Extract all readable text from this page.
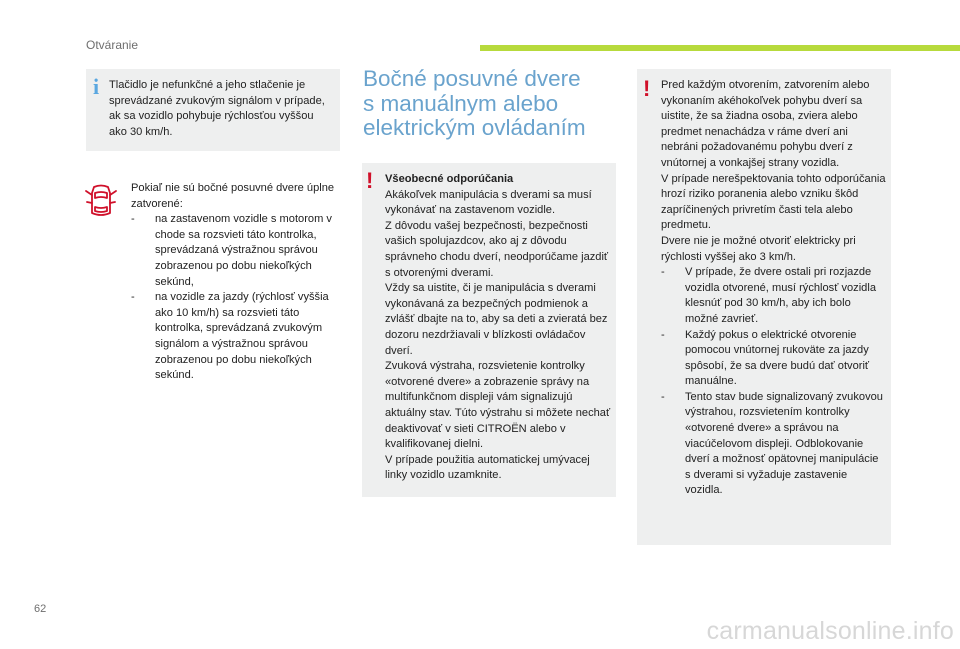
Otváranie
i Tlačidlo je nefunkčné a jeho stlačenie je sprevádzané zvukovým signálom v prípade, ak sa vozidlo pohybuje rýchlosťou vyššou ako 30 km/h.

Pokiaľ nie sú bočné posuvné dvere úplne zatvorené:

- na zastavenom vozidle s motorom v chode sa rozsvieti táto kontrolka, sprevádzaná výstražnou správou zobrazenou po dobu niekoľkých sekúnd,

- na vozidle za jazdy (rýchlosť vyššia ako 10 km/h) sa rozsvieti táto kontrolka, sprevádzaná zvukovým signálom a výstražnou správou zobrazenou po dobu niekoľkých sekúnd.

Bočné posuvné dvere
s manuálnym alebo
elektrickým ovládaním
! Všeobecné odporúčania

Akákoľvek manipulácia s dverami sa musí vykonávať na zastavenom vozidle.

Z dôvodu vašej bezpečnosti, bezpečnosti vašich spolujazdcov, ako aj z dôvodu správneho chodu dverí, neodporúčame jazdiť s otvorenými dverami.

Vždy sa uistite, či je manipulácia s dverami vykonávaná za bezpečných podmienok a zvlášť dbajte na to, aby sa deti a zvieratá bez dozoru nezdržiavali v blízkosti ovládačov dverí.

Zvuková výstraha, rozsvietenie kontrolky «otvorené dvere» a zobrazenie správy na multifunkčnom displeji vám signalizujú aktuálny stav. Túto výstrahu si môžete nechať deaktivovať v sieti CITROËN alebo v kvalifikovanej dielni.

V prípade použitia automatickej umývacej linky vozidlo uzamknite.

! Pred každým otvorením, zatvorením alebo vykonaním akéhokoľvek pohybu dverí sa uistite, že sa žiadna osoba, zviera alebo predmet nenachádza v ráme dverí ani nebráni požadovanému pohybu dverí z vnútornej a vonkajšej strany vozidla.

V prípade nerešpektovania tohto odporúčania hrozí riziko poranenia alebo vzniku škôd zapríčinených privretím časti tela alebo predmetu.

Dvere nie je možné otvoriť elektricky pri rýchlosti vyššej ako 3 km/h.

- V prípade, že dvere ostali pri rozjazde vozidla otvorené, musí rýchlosť vozidla klesnúť pod 30 km/h, aby ich bolo možné zavrieť.

- Každý pokus o elektrické otvorenie pomocou vnútornej rukoväte za jazdy spôsobí, že sa dvere budú dať otvoriť manuálne.

- Tento stav bude signalizovaný zvukovou výstrahou, rozsvietením kontrolky «otvorené dvere» a správou na viacúčelovom displeji. Odblokovanie dverí a možnosť opätovnej manipulácie s dverami si vyžaduje zastavenie vozidla.

62
carmanualsonline.info
